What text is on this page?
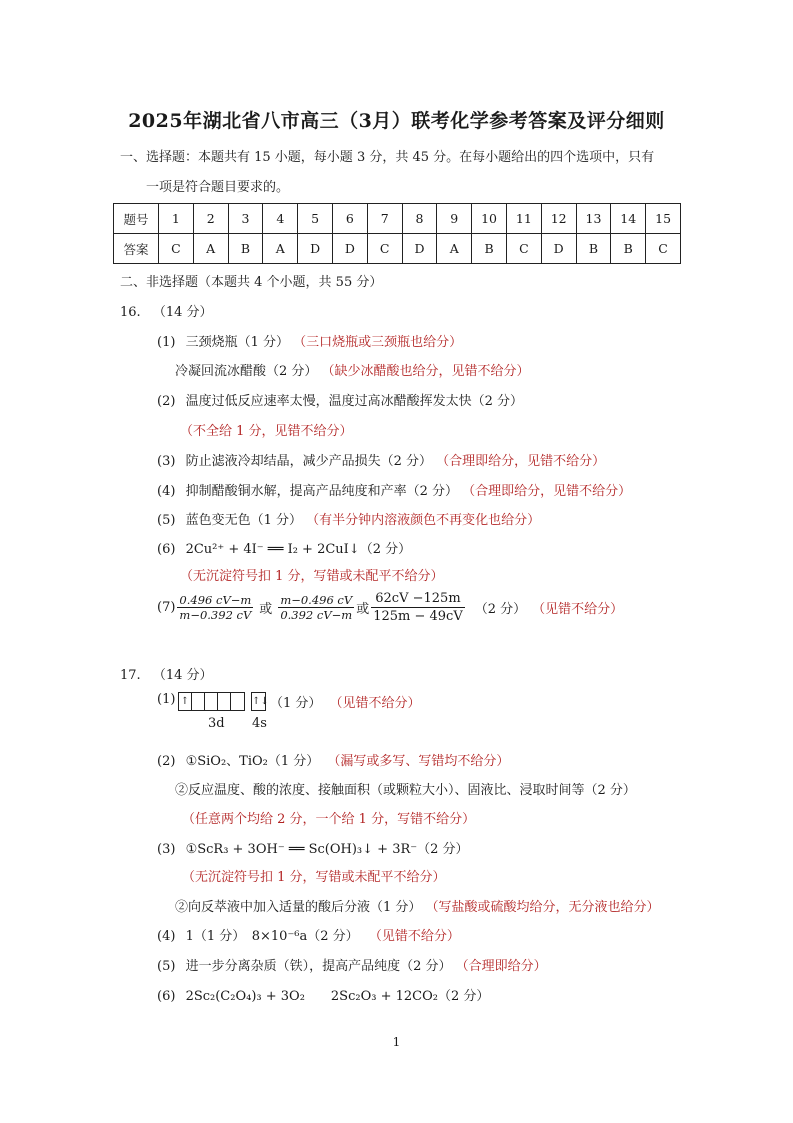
2025年湖北省八市高三（3月）联考化学参考答案及评分细则
一、选择题：本题共有 15 小题，每小题 3 分，共 45 分。在每小题给出的四个选项中，只有
一项是符合题目要求的。
题号	1	2	3	4	5	6	7	8	9	10	11	12	13	14	15
答案	C	A	B	A	D	D	C	D	A	B	C	D	B	B	C
二、非选择题（本题共 4 个小题，共 55 分）
16. （14 分）
(1) 三颈烧瓶（1 分） （三口烧瓶或三颈瓶也给分）
冷凝回流冰醋酸（2 分） （缺少冰醋酸也给分，见错不给分）
(2) 温度过低反应速率太慢，温度过高冰醋酸挥发太快（2 分）
（不全给 1 分，见错不给分）
(3) 防止滤液冷却结晶，减少产品损失（2 分） （合理即给分，见错不给分）
(4) 抑制醋酸铜水解，提高产品纯度和产率（2 分） （合理即给分，见错不给分）
(5) 蓝色变无色（1 分） （有半分钟内溶液颜色不再变化也给分）
(6) 2Cu²⁺ + 4I⁻ ══ I₂ + 2CuI↓（2 分）
（无沉淀符号扣 1 分，写错或未配平不给分）
$(7) \frac{0.496 cV-m}{m-0.392 cV}$ 或 $\frac{m-0.496 cV}{0.392 cV-m}$ 或 $\frac{62cV -125m}{125m - 49cV} (2$ 分） （见错不给分）
17. （14 分）
(1) ↑	↑↓ （1 分） （见错不给分）
3d 4s
(2) ①SiO₂、TiO₂（1 分） （漏写或多写、写错均不给分）
②反应温度、酸的浓度、接触面积（或颗粒大小）、固液比、浸取时间等（2 分）
（任意两个均给 2 分，一个给 1 分，写错不给分）
(3) ①ScR₃ + 3OH⁻ ══ Sc(OH)₃↓ + 3R⁻（2 分）
（无沉淀符号扣 1 分，写错或未配平不给分）
②向反萃液中加入适量的酸后分液（1 分） （写盐酸或硫酸均给分，无分液也给分）
(4) 1（1 分）　8×10⁻⁶a（2 分） （见错不给分）
(5) 进一步分离杂质（铁），提高产品纯度（2 分） （合理即给分）
(6) 2Sc₂(C₂O₄)₃ + 3O₂　　2Sc₂O₃ + 12CO₂（2 分）
1
